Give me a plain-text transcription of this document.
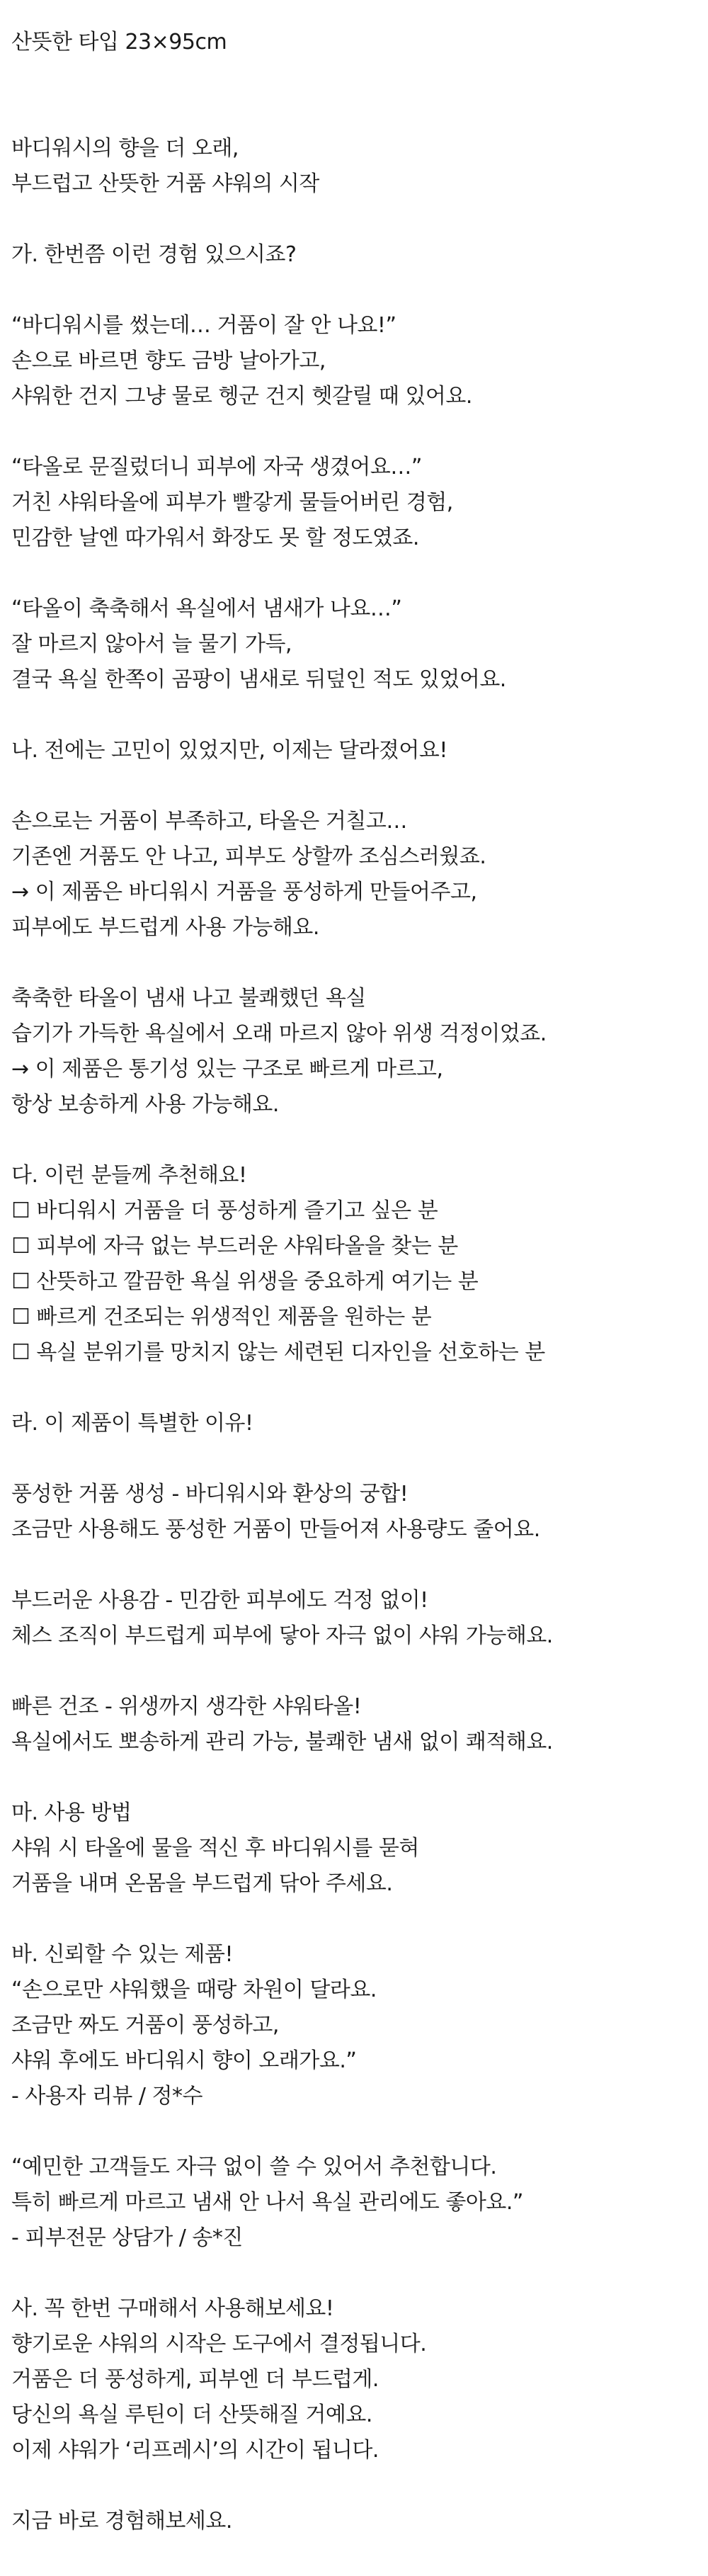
산뜻한 타입 23×95cm
바디워시의 향을 더 오래,
부드럽고 산뜻한 거품 샤워의 시작
가. 한번쯤 이런 경험 있으시죠?
“바디워시를 썼는데… 거품이 잘 안 나요!”
손으로 바르면 향도 금방 날아가고,
샤워한 건지 그냥 물로 헹군 건지 헷갈릴 때 있어요.
“타올로 문질렀더니 피부에 자국 생겼어요…”
거친 샤워타올에 피부가 빨갛게 물들어버린 경험,
민감한 날엔 따가워서 화장도 못 할 정도였죠.
“타올이 축축해서 욕실에서 냄새가 나요…”
잘 마르지 않아서 늘 물기 가득,
결국 욕실 한쪽이 곰팡이 냄새로 뒤덮인 적도 있었어요.
나. 전에는 고민이 있었지만, 이제는 달라졌어요!
손으로는 거품이 부족하고, 타올은 거칠고…
기존엔 거품도 안 나고, 피부도 상할까 조심스러웠죠.
→ 이 제품은 바디워시 거품을 풍성하게 만들어주고,
피부에도 부드럽게 사용 가능해요.
축축한 타올이 냄새 나고 불쾌했던 욕실
습기가 가득한 욕실에서 오래 마르지 않아 위생 걱정이었죠.
→ 이 제품은 통기성 있는 구조로 빠르게 마르고,
항상 보송하게 사용 가능해요.
다. 이런 분들께 추천해요!
☐ 바디워시 거품을 더 풍성하게 즐기고 싶은 분
☐ 피부에 자극 없는 부드러운 샤워타올을 찾는 분
☐ 산뜻하고 깔끔한 욕실 위생을 중요하게 여기는 분
☐ 빠르게 건조되는 위생적인 제품을 원하는 분
☐ 욕실 분위기를 망치지 않는 세련된 디자인을 선호하는 분
라. 이 제품이 특별한 이유!
풍성한 거품 생성 - 바디워시와 환상의 궁합!
조금만 사용해도 풍성한 거품이 만들어져 사용량도 줄어요.
부드러운 사용감 - 민감한 피부에도 걱정 없이!
체스 조직이 부드럽게 피부에 닿아 자극 없이 샤워 가능해요.
빠른 건조 - 위생까지 생각한 샤워타올!
욕실에서도 뽀송하게 관리 가능, 불쾌한 냄새 없이 쾌적해요.
마. 사용 방법
샤워 시 타올에 물을 적신 후 바디워시를 묻혀
거품을 내며 온몸을 부드럽게 닦아 주세요.
바. 신뢰할 수 있는 제품!
“손으로만 샤워했을 때랑 차원이 달라요.
조금만 짜도 거품이 풍성하고,
샤워 후에도 바디워시 향이 오래가요.”
- 사용자 리뷰 / 정*수
“예민한 고객들도 자극 없이 쓸 수 있어서 추천합니다.
특히 빠르게 마르고 냄새 안 나서 욕실 관리에도 좋아요.”
- 피부전문 상담가 / 송*진
사. 꼭 한번 구매해서 사용해보세요!
향기로운 샤워의 시작은 도구에서 결정됩니다.
거품은 더 풍성하게, 피부엔 더 부드럽게.
당신의 욕실 루틴이 더 산뜻해질 거예요.
이제 샤워가 ‘리프레시’의 시간이 됩니다.
지금 바로 경험해보세요.
